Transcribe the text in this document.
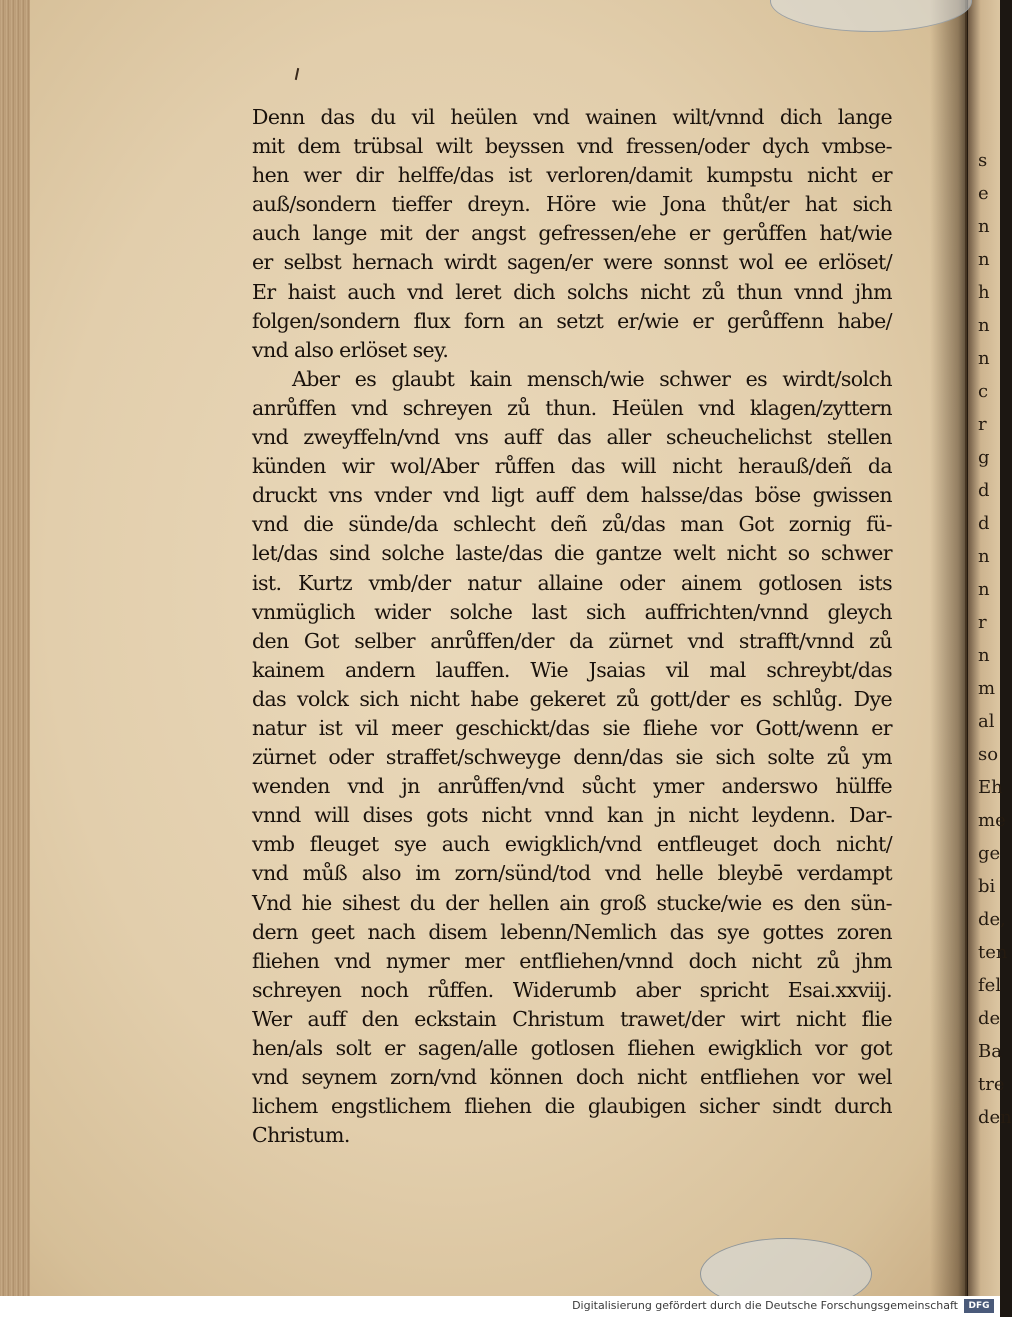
s
e
n
n
h
n
n
c
r
g
d
d
n
n
r
n
m
al
so
Eh
me
ge
bi
de,
ten
fel
de
Ba
tre
den
Denn das du vil heülen vnd wainen wilt/vnnd dich lange
mit dem trübsal wilt beyssen vnd fressen/oder dych vmbse-
hen wer dir helffe/das ist verloren/damit kumpstu nicht er
auß/sondern tieffer dreyn. Höre wie Jona thůt/er hat sich
auch lange mit der angst gefressen/ehe er gerůffen hat/wie
er selbst hernach wirdt sagen/er were sonnst wol ee erlöset/
Er haist auch vnd leret dich solchs nicht zů thun vnnd jhm
folgen/sondern flux forn an setzt er/wie er gerůffenn habe/
vnd also erlöset sey.
Aber es glaubt kain mensch/wie schwer es wirdt/solch
anrůffen vnd schreyen zů thun. Heülen vnd klagen/zyttern
vnd zweyffeln/vnd vns auff das aller scheuchelichst stellen
künden wir wol/Aber růffen das will nicht herauß/deñ da
druckt vns vnder vnd ligt auff dem halsse/das böse gwissen
vnd die sünde/da schlecht deñ zů/das man Got zornig fü-
let/das sind solche laste/das die gantze welt nicht so schwer
ist. Kurtz vmb/der natur allaine oder ainem gotlosen ists
vnmüglich wider solche last sich auffrichten/vnnd gleych
den Got selber anrůffen/der da zürnet vnd strafft/vnnd zů
kainem andern lauffen. Wie Jsaias vil mal schreybt/das
das volck sich nicht habe gekeret zů gott/der es schlůg. Dye
natur ist vil meer geschickt/das sie fliehe vor Gott/wenn er
zürnet oder straffet/schweyge denn/das sie sich solte zů ym
wenden vnd jn anrůffen/vnd sůcht ymer anderswo hülffe
vnnd will dises gots nicht vnnd kan jn nicht leydenn. Dar-
vmb fleuget sye auch ewigklich/vnd entfleuget doch nicht/
vnd můß also im zorn/sünd/tod vnd helle bleybē verdampt
Vnd hie sihest du der hellen ain groß stucke/wie es den sün-
dern geet nach disem lebenn/Nemlich das sye gottes zoren
fliehen vnd nymer mer entfliehen/vnnd doch nicht zů jhm
schreyen noch růffen. Widerumb aber spricht Esai.xxviij.
Wer auff den eckstain Christum trawet/der wirt nicht flie
hen/als solt er sagen/alle gotlosen fliehen ewigklich vor got
vnd seynem zorn/vnd können doch nicht entfliehen vor wel
lichem engstlichem fliehen die glaubigen sicher sindt durch
Christum.
Digitalisierung gefördert durch die Deutsche Forschungsgemeinschaft	DFG
